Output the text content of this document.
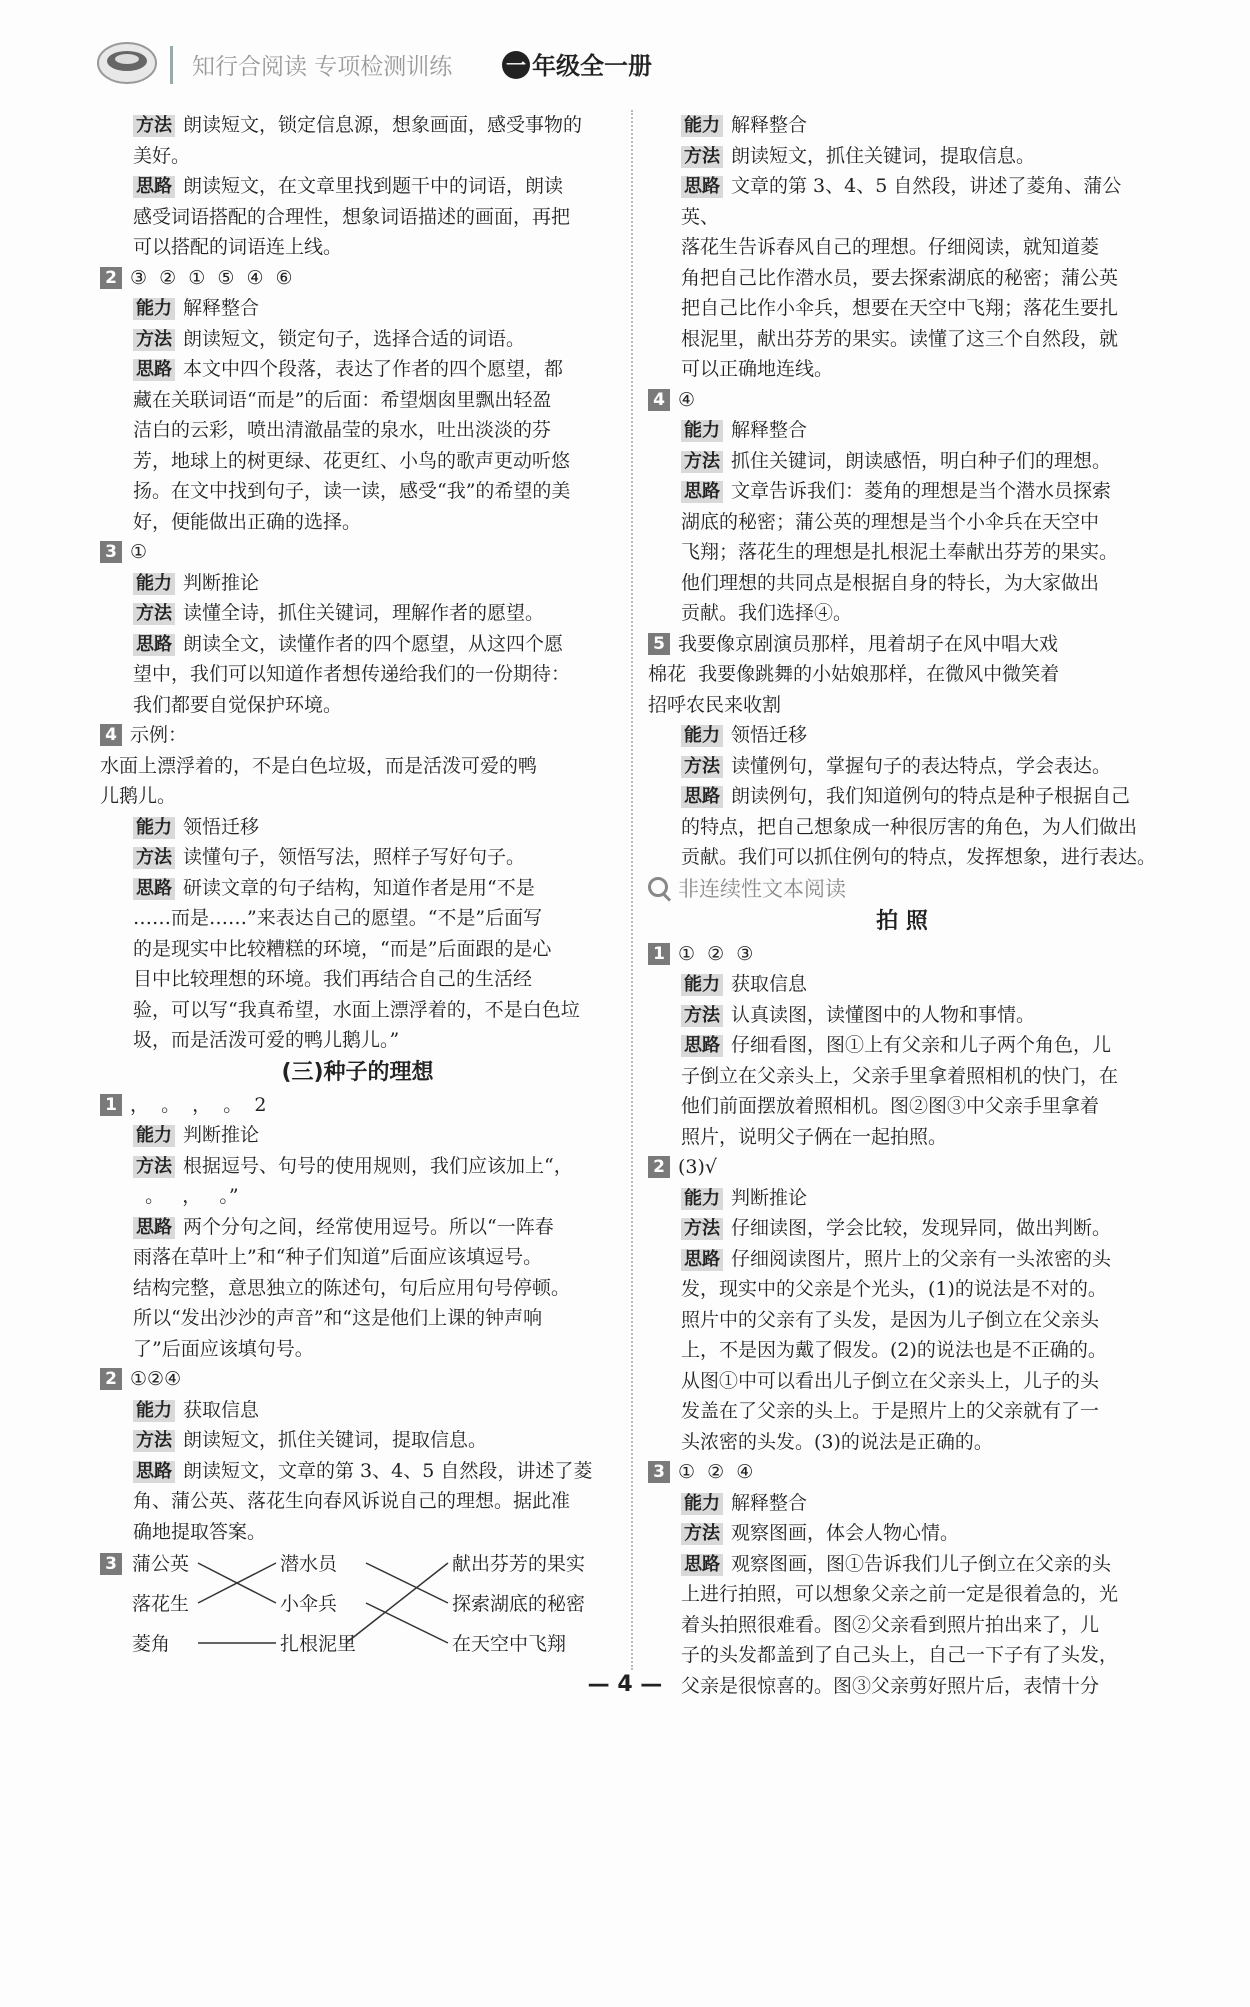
知行合阅读 专项检测训练	一 年级全一册
方法 朗读短文，锁定信息源，想象画面，感受事物的
美好。
思路 朗读短文，在文章里找到题干中的词语，朗读
感受词语搭配的合理性，想象词语描述的画面，再把
可以搭配的词语连上线。
2 ③  ②  ①  ⑤  ④  ⑥
能力 解释整合
方法 朗读短文，锁定句子，选择合适的词语。
思路 本文中四个段落，表达了作者的四个愿望，都
藏在关联词语“而是”的后面：希望烟囱里飘出轻盈
洁白的云彩，喷出清澈晶莹的泉水，吐出淡淡的芬
芳，地球上的树更绿、花更红、小鸟的歌声更动听悠
扬。在文中找到句子，读一读，感受“我”的希望的美
好，便能做出正确的选择。
3 ①
能力 判断推论
方法 读懂全诗，抓住关键词，理解作者的愿望。
思路 朗读全文，读懂作者的四个愿望，从这四个愿
望中，我们可以知道作者想传递给我们的一份期待：
我们都要自觉保护环境。
4 示例：
水面上漂浮着的，不是白色垃圾，而是活泼可爱的鸭
儿鹅儿。
能力 领悟迁移
方法 读懂句子，领悟写法，照样子写好句子。
思路 研读文章的句子结构，知道作者是用“不是
……而是……”来表达自己的愿望。“不是”后面写
的是现实中比较糟糕的环境，“而是”后面跟的是心
目中比较理想的环境。我们再结合自己的生活经
验，可以写“我真希望，水面上漂浮着的，不是白色垃
圾，而是活泼可爱的鸭儿鹅儿。”
(三)种子的理想
1 ，  。  ，  。  2
能力 判断推论
方法 根据逗号、句号的使用规则，我们应该加上“，
。   ，   。”
思路 两个分句之间，经常使用逗号。所以“一阵春
雨落在草叶上”和“种子们知道”后面应该填逗号。
结构完整，意思独立的陈述句，句后应用句号停顿。
所以“发出沙沙的声音”和“这是他们上课的钟声响
了”后面应该填句号。
2 ①②④
能力 获取信息
方法 朗读短文，抓住关键词，提取信息。
思路 朗读短文，文章的第 3、4、5 自然段，讲述了菱
角、蒲公英、落花生向春风诉说自己的理想。据此准
确地提取答案。
3 蒲公英
落花生
菱角
潜水员
小伞兵
扎根泥里
献出芬芳的果实
探索湖底的秘密
在天空中飞翔
能力 解释整合
方法 朗读短文，抓住关键词，提取信息。
思路 文章的第 3、4、5 自然段，讲述了菱角、蒲公英、
落花生告诉春风自己的理想。仔细阅读，就知道菱
角把自己比作潜水员，要去探索湖底的秘密；蒲公英
把自己比作小伞兵，想要在天空中飞翔；落花生要扎
根泥里，献出芬芳的果实。读懂了这三个自然段，就
可以正确地连线。
4 ④
能力 解释整合
方法 抓住关键词，朗读感悟，明白种子们的理想。
思路 文章告诉我们：菱角的理想是当个潜水员探索
湖底的秘密；蒲公英的理想是当个小伞兵在天空中
飞翔；落花生的理想是扎根泥土奉献出芬芳的果实。
他们理想的共同点是根据自身的特长，为大家做出
贡献。我们选择④。
5 我要像京剧演员那样，甩着胡子在风中唱大戏
棉花  我要像跳舞的小姑娘那样，在微风中微笑着
招呼农民来收割
能力 领悟迁移
方法 读懂例句，掌握句子的表达特点，学会表达。
思路 朗读例句，我们知道例句的特点是种子根据自己
的特点，把自己想象成一种很厉害的角色，为人们做出
贡献。我们可以抓住例句的特点，发挥想象，进行表达。
非连续性文本阅读
拍 照
1 ①  ②  ③
能力 获取信息
方法 认真读图，读懂图中的人物和事情。
思路 仔细看图，图①上有父亲和儿子两个角色，儿
子倒立在父亲头上，父亲手里拿着照相机的快门，在
他们前面摆放着照相机。图②图③中父亲手里拿着
照片，说明父子俩在一起拍照。
2 (3)√
能力 判断推论
方法 仔细读图，学会比较，发现异同，做出判断。
思路 仔细阅读图片，照片上的父亲有一头浓密的头
发，现实中的父亲是个光头，(1)的说法是不对的。
照片中的父亲有了头发，是因为儿子倒立在父亲头
上，不是因为戴了假发。(2)的说法也是不正确的。
从图①中可以看出儿子倒立在父亲头上，儿子的头
发盖在了父亲的头上。于是照片上的父亲就有了一
头浓密的头发。(3)的说法是正确的。
3 ①  ②  ④
能力 解释整合
方法 观察图画，体会人物心情。
思路 观察图画，图①告诉我们儿子倒立在父亲的头
上进行拍照，可以想象父亲之前一定是很着急的，光
着头拍照很难看。图②父亲看到照片拍出来了，儿
子的头发都盖到了自己头上，自己一下子有了头发，
父亲是很惊喜的。图③父亲剪好照片后，表情十分
— 4 —
